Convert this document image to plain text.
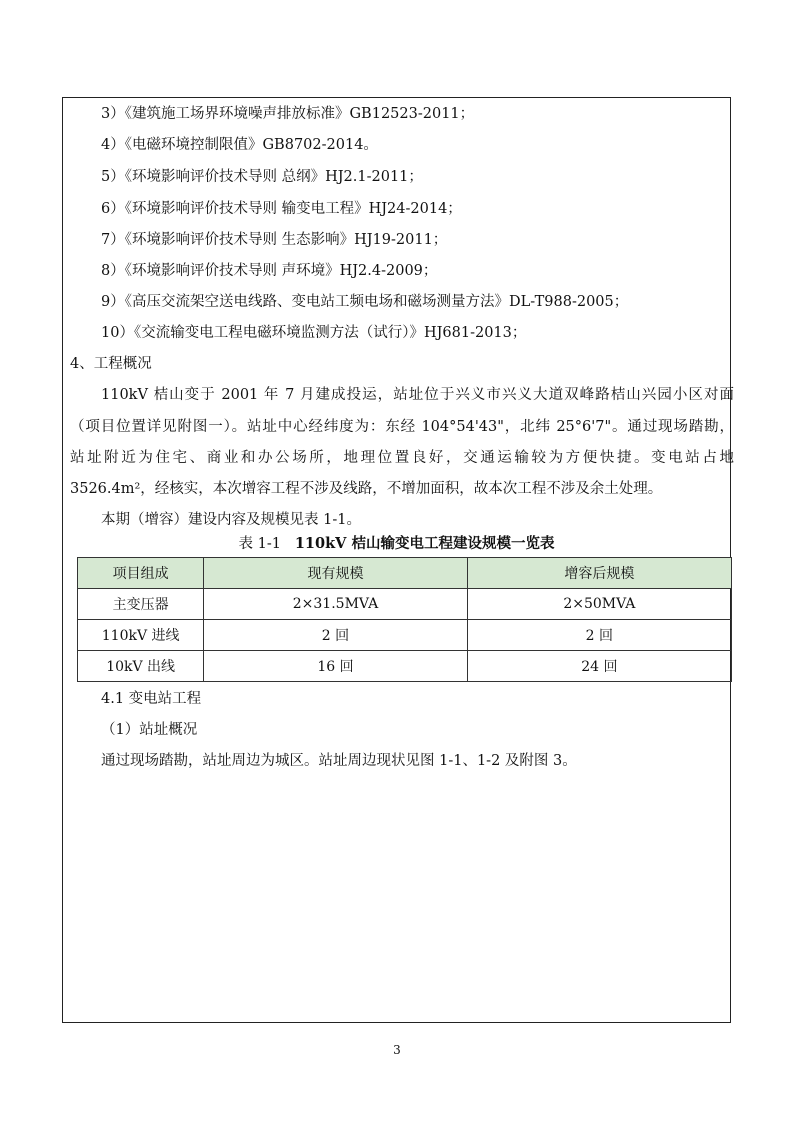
3）《建筑施工场界环境噪声排放标准》GB12523-2011；
4）《电磁环境控制限值》GB8702-2014。
5）《环境影响评价技术导则 总纲》HJ2.1-2011；
6）《环境影响评价技术导则 输变电工程》HJ24-2014；
7）《环境影响评价技术导则 生态影响》HJ19-2011；
8）《环境影响评价技术导则 声环境》HJ2.4-2009；
9）《高压交流架空送电线路、变电站工频电场和磁场测量方法》DL-T988-2005；
10）《交流输变电工程电磁环境监测方法（试行）》HJ681-2013；
4、工程概况
110kV 桔山变于 2001 年 7 月建成投运，站址位于兴义市兴义大道双峰路桔山兴园小区对面
（项目位置详见附图一）。站址中心经纬度为：东经 104°54'43"，北纬 25°6'7"。通过现场踏勘，
站址附近为住宅、商业和办公场所，地理位置良好，交通运输较为方便快捷。变电站占地
3526.4m²，经核实，本次增容工程不涉及线路，不增加面积，故本次工程不涉及余土处理。
本期（增容）建设内容及规模见表 1-1。
表 1-1 110kV 桔山输变电工程建设规模一览表
项目组成	现有规模	增容后规模
主变压器	2×31.5MVA	2×50MVA
110kV 进线	2 回	2 回
10kV 出线	16 回	24 回
4.1 变电站工程
（1）站址概况
通过现场踏勘，站址周边为城区。站址周边现状见图 1-1、1-2 及附图 3。
3
